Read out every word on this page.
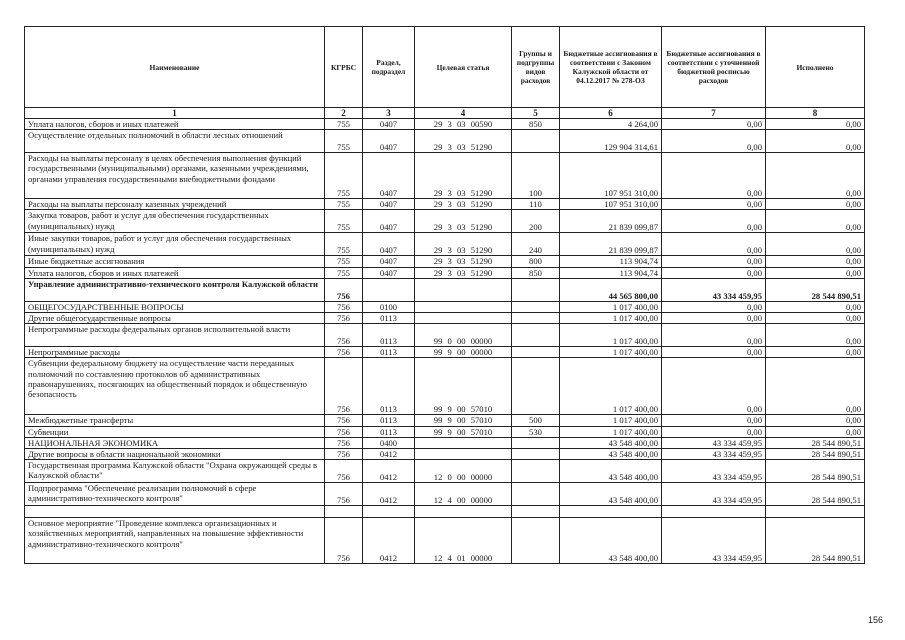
Наименование	КГРБС	Раздел, подраздел	Целевая статья	Группы и подгруппы видов расходов	Бюджетные ассигнования в соответствии с Законом Калужской области от 04.12.2017 № 278-ОЗ	Бюджетные ассигнования в соответствии с уточненной бюджетной росписью расходов	Исполнено
1	2	3	4	5	6	7	8
Уплата налогов, сборов и иных платежей	755	0407	29 3 03 00590	850	4 264,00	0,00	0,00
Осуществление отдельных полномочий в области лесных отношений	755	0407	29 3 03 51290		129 904 314,61	0,00	0,00
Расходы на выплаты персоналу в целях обеспечения выполнения функций государственными (муниципальными) органами, казенными учреждениями, органами управления государственными внебюджетными фондами	755	0407	29 3 03 51290	100	107 951 310,00	0,00	0,00
Расходы на выплаты персоналу казенных учреждений	755	0407	29 3 03 51290	110	107 951 310,00	0,00	0,00
Закупка товаров, работ и услуг для обеспечения государственных (муниципальных) нужд	755	0407	29 3 03 51290	200	21 839 099,87	0,00	0,00
Иные закупки товаров, работ и услуг для обеспечения государственных (муниципальных) нужд	755	0407	29 3 03 51290	240	21 839 099,87	0,00	0,00
Иные бюджетные ассигнования	755	0407	29 3 03 51290	800	113 904,74	0,00	0,00
Уплата налогов, сборов и иных платежей	755	0407	29 3 03 51290	850	113 904,74	0,00	0,00
Управление административно-технического контроля Калужской области	756				44 565 800,00	43 334 459,95	28 544 890,51
ОБЩЕГОСУДАРСТВЕННЫЕ ВОПРОСЫ	756	0100			1 017 400,00	0,00	0,00
Другие общегосударственные вопросы	756	0113			1 017 400,00	0,00	0,00
Непрограммные расходы федеральных органов исполнительной власти	756	0113	99 0 00 00000		1 017 400,00	0,00	0,00
Непрограммные расходы	756	0113	99 9 00 00000		1 017 400,00	0,00	0,00
Субвенции федеральному бюджету на осуществление части переданных полномочий по составлению протоколов об административных правонарушениях, посягающих на общественный порядок и общественную безопасность	756	0113	99 9 00 57010		1 017 400,00	0,00	0,00
Межбюджетные трансферты	756	0113	99 9 00 57010	500	1 017 400,00	0,00	0,00
Субвенции	756	0113	99 9 00 57010	530	1 017 400,00	0,00	0,00
НАЦИОНАЛЬНАЯ ЭКОНОМИКА	756	0400			43 548 400,00	43 334 459,95	28 544 890,51
Другие вопросы в области национальной экономики	756	0412			43 548 400,00	43 334 459,95	28 544 890,51
Государственная программа Калужской области "Охрана окружающей среды в Калужской области"	756	0412	12 0 00 00000		43 548 400,00	43 334 459,95	28 544 890,51
Подпрограмма "Обеспечение реализации полномочий в сфере административно-технического контроля"	756	0412	12 4 00 00000		43 548 400,00	43 334 459,95	28 544 890,51

Основное мероприятие "Проведение комплекса организационных и хозяйственных мероприятий, направленных на повышение эффективности административно-технического контроля"	756	0412	12 4 01 00000		43 548 400,00	43 334 459,95	28 544 890,51
156
